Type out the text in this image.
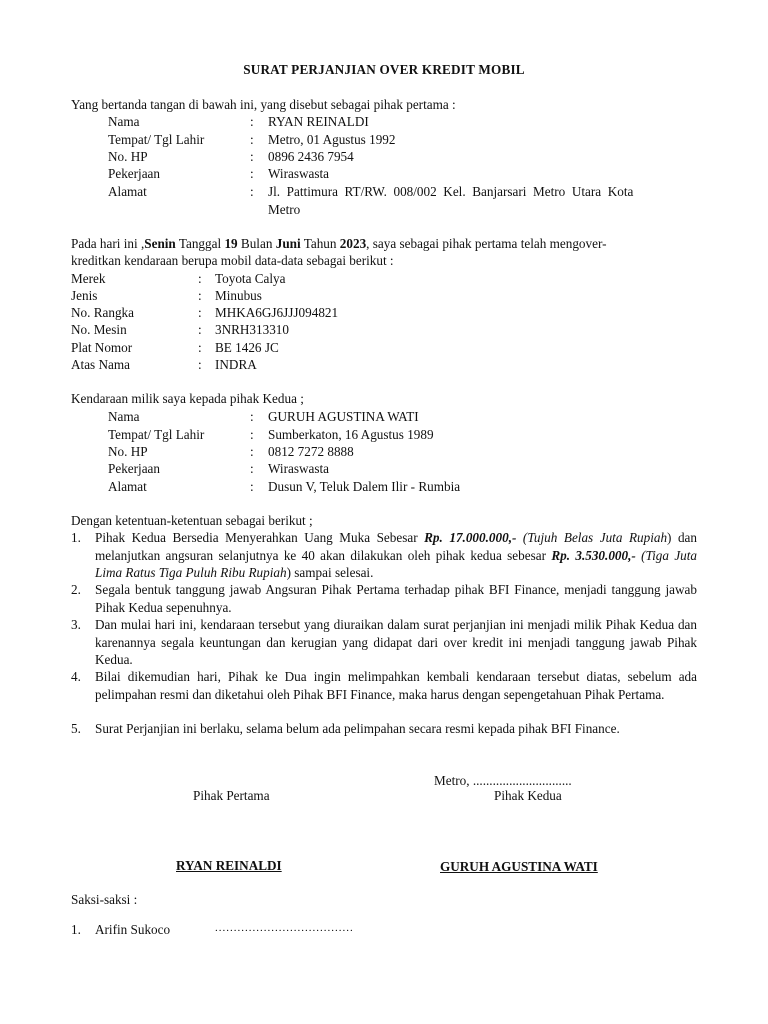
SURAT PERJANJIAN OVER KREDIT MOBIL
Yang bertanda tangan di bawah ini, yang disebut sebagai pihak pertama :
Nama	: RYAN REINALDI
Tempat/ Tgl Lahir	: Metro, 01 Agustus 1992
No. HP	: 0896 2436 7954
Pekerjaan	: Wiraswasta
Alamat	: Jl.  Pattimura  RT/RW.  008/002  Kel.  Banjarsari  Metro  Utara  Kota
Metro
Pada hari ini ,Senin Tanggal 19 Bulan Juni Tahun 2023, saya sebagai pihak pertama telah mengover-
kreditkan kendaraan berupa mobil data-data sebagai berikut :
Merek	: Toyota Calya
Jenis	: Minubus
No. Rangka	: MHKA6GJ6JJJ094821
No. Mesin	: 3NRH313310
Plat Nomor	: BE 1426 JC
Atas Nama	: INDRA
Kendaraan milik saya kepada pihak Kedua ;
Nama	: GURUH AGUSTINA WATI
Tempat/ Tgl Lahir	: Sumberkaton, 16 Agustus 1989
No. HP	: 0812 7272 8888
Pekerjaan	: Wiraswasta
Alamat	: Dusun V, Teluk Dalem Ilir - Rumbia
Dengan ketentuan-ketentuan sebagai berikut ;
1. Pihak Kedua Bersedia Menyerahkan Uang Muka Sebesar Rp. 17.000.000,- (Tujuh Belas Juta Rupiah) dan melanjutkan angsuran selanjutnya ke 40 akan dilakukan oleh pihak kedua sebesar Rp. 3.530.000,- (Tiga Juta Lima Ratus Tiga Puluh Ribu Rupiah) sampai selesai.
2. Segala bentuk tanggung jawab Angsuran Pihak Pertama terhadap pihak BFI Finance, menjadi tanggung jawab Pihak Kedua sepenuhnya.
3. Dan mulai hari ini, kendaraan tersebut yang diuraikan dalam surat perjanjian ini menjadi milik Pihak Kedua dan karenannya segala keuntungan dan kerugian yang didapat dari over kredit ini menjadi tanggung jawab Pihak Kedua.
4. Bilai dikemudian hari, Pihak ke Dua ingin melimpahkan kembali kendaraan tersebut diatas, sebelum ada pelimpahan resmi dan diketahui oleh Pihak BFI Finance, maka harus dengan sepengetahuan Pihak Pertama.
5. Surat Perjanjian ini berlaku, selama belum ada pelimpahan secara resmi kepada pihak BFI Finance.
Metro, ..............................
Pihak Pertama	Pihak Kedua
RYAN REINALDI	GURUH AGUSTINA WATI
Saksi-saksi :
1. Arifin Sukoco	.....................................
